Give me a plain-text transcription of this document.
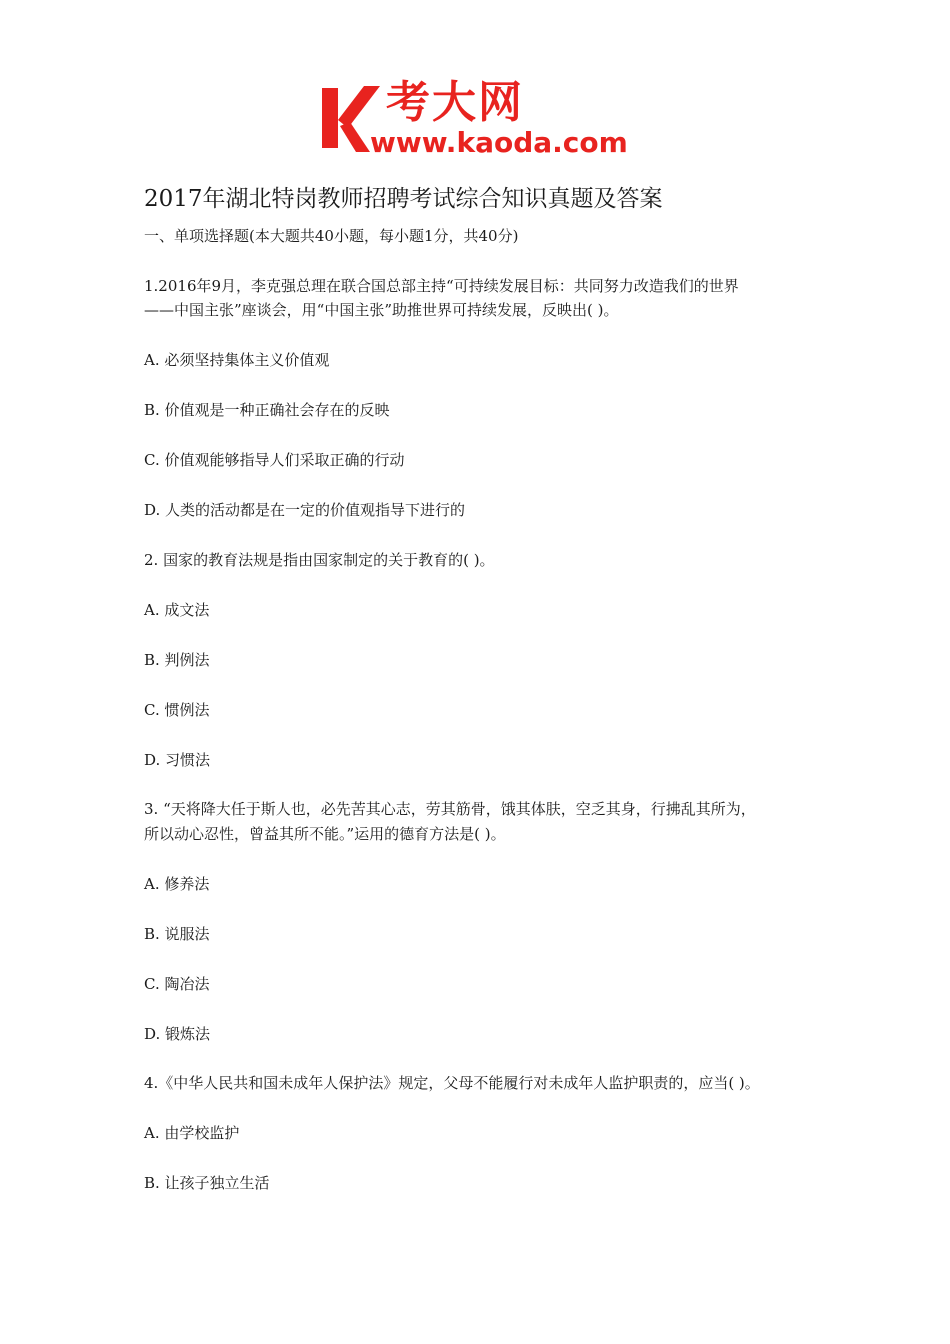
考大网
www.kaoda.com
2017年湖北特岗教师招聘考试综合知识真题及答案
一、单项选择题(本大题共40小题，每小题1分，共40分)
1.2016年9月，李克强总理在联合国总部主持“可持续发展目标：共同努力改造我们的世界
——中国主张”座谈会，用“中国主张”助推世界可持续发展，反映出( )。
A. 必须坚持集体主义价值观
B. 价值观是一种正确社会存在的反映
C. 价值观能够指导人们采取正确的行动
D. 人类的活动都是在一定的价值观指导下进行的
2. 国家的教育法规是指由国家制定的关于教育的( )。
A. 成文法
B. 判例法
C. 惯例法
D. 习惯法
3. “天将降大任于斯人也，必先苦其心志，劳其筋骨，饿其体肤，空乏其身，行拂乱其所为，
所以动心忍性，曾益其所不能。”运用的德育方法是( )。
A. 修养法
B. 说服法
C. 陶冶法
D. 锻炼法
4.《中华人民共和国未成年人保护法》规定，父母不能履行对未成年人监护职责的，应当( )。
A. 由学校监护
B. 让孩子独立生活
